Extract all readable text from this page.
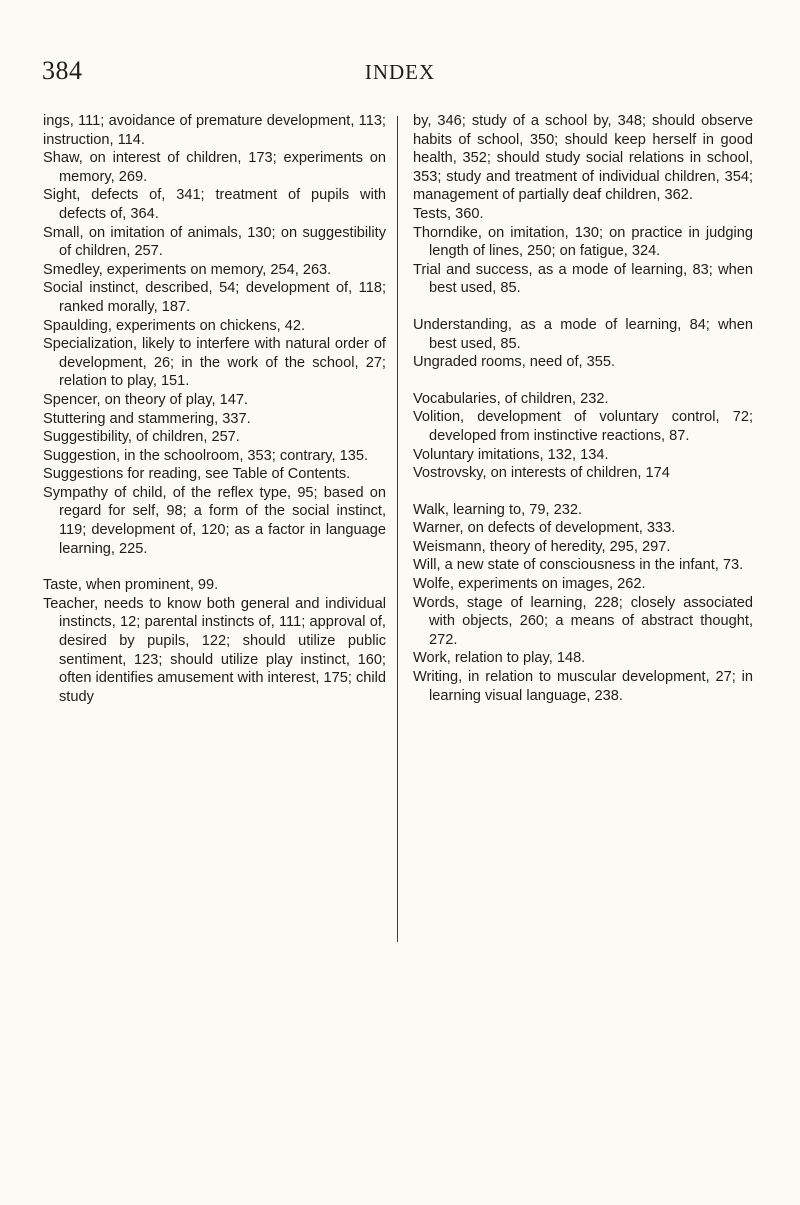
384	INDEX

ings, 111; avoidance of premature development, 113; instruction, 114.

Shaw, on interest of children, 173; experiments on memory, 269.

Sight, defects of, 341; treatment of pupils with defects of, 364.

Small, on imitation of animals, 130; on suggestibility of children, 257.

Smedley, experiments on memory, 254, 263.

Social instinct, described, 54; development of, 118; ranked morally, 187.

Spaulding, experiments on chickens, 42.

Specialization, likely to interfere with natural order of development, 26; in the work of the school, 27; relation to play, 151.

Spencer, on theory of play, 147.

Stuttering and stammering, 337.

Suggestibility, of children, 257.

Suggestion, in the schoolroom, 353; contrary, 135.

Suggestions for reading, see Table of Contents.

Sympathy of child, of the reflex type, 95; based on regard for self, 98; a form of the social instinct, 119; development of, 120; as a factor in language learning, 225.

Taste, when prominent, 99.

Teacher, needs to know both general and individual instincts, 12; parental instincts of, 111; approval of, desired by pupils, 122; should utilize public sentiment, 123; should utilize play instinct, 160; often identifies amusement with interest, 175; child study

by, 346; study of a school by, 348; should observe habits of school, 350; should keep herself in good health, 352; should study social relations in school, 353; study and treatment of individual children, 354; management of partially deaf children, 362.

Tests, 360.

Thorndike, on imitation, 130; on practice in judging length of lines, 250; on fatigue, 324.

Trial and success, as a mode of learning, 83; when best used, 85.

Understanding, as a mode of learning, 84; when best used, 85.

Ungraded rooms, need of, 355.

Vocabularies, of children, 232.

Volition, development of voluntary control, 72; developed from instinctive reactions, 87.

Voluntary imitations, 132, 134.

Vostrovsky, on interests of children, 174

Walk, learning to, 79, 232.

Warner, on defects of development, 333.

Weismann, theory of heredity, 295, 297.

Will, a new state of consciousness in the infant, 73.

Wolfe, experiments on images, 262.

Words, stage of learning, 228; closely associated with objects, 260; a means of abstract thought, 272.

Work, relation to play, 148.

Writing, in relation to muscular development, 27; in learning visual language, 238.
